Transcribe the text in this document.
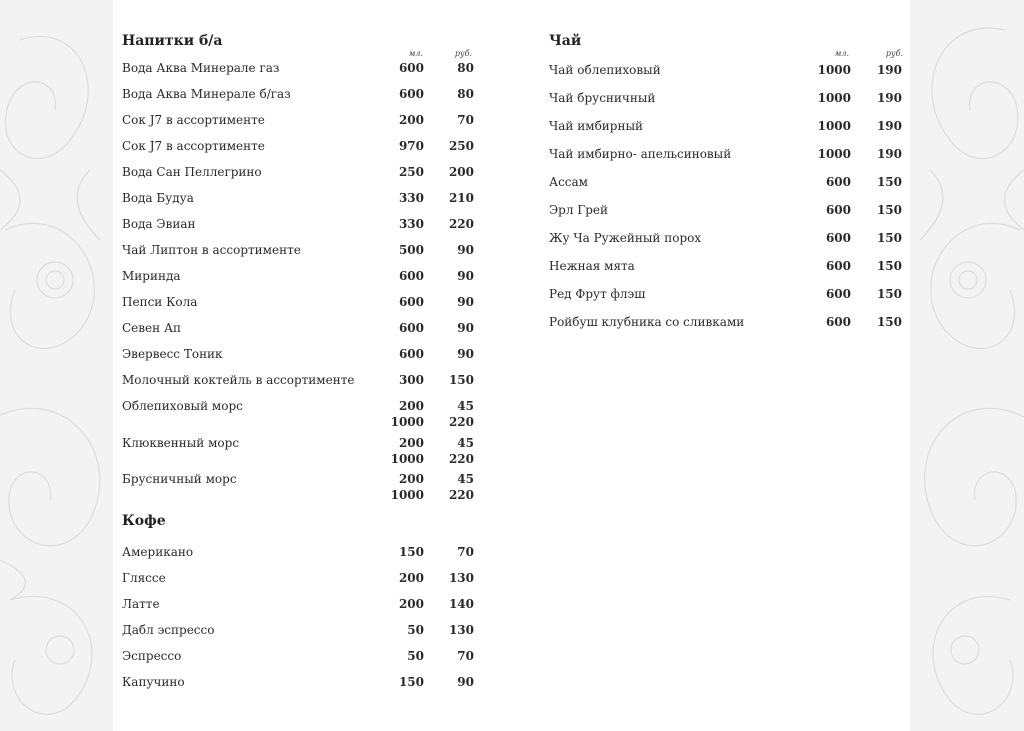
Напитки б/а
мл.	руб.
Вода Аква Минерале газ	600	80
Вода Аква Минерале б/газ	600	80
Сок J7 в ассортименте	200	70
Сок J7 в ассортименте	970 250
Вода Сан Пеллегрино	250 200
Вода Будуа	330 210
Вода Эвиан	330 220
Чай Липтон в ассортименте	500	90
Миринда	600	90
Пепси Кола	600	90
Севен Ап	600	90
Эвервесс Тоник	600	90
Молочный коктейль в ассортименте	300 150
Облепиховый морс	200	45
1000 220
Клюквенный морс	200	45
1000 220
Брусничный морс	200	45
1000 220
Кофе
Американо	150	70
Гляссе	200 130
Латте	200 140
Дабл эспрессо	50 130
Эспрессо	50	70
Капучино	150	90
Чай
мл.	руб.
Чай облепиховый	1000 190
Чай брусничный	1000 190
Чай имбирный	1000 190
Чай имбирно- апельсиновый	1000 190
Ассам	600 150
Эрл Грей	600 150
Жу Ча Ружейный порох	600 150
Нежная мята	600 150
Ред Фрут флэш	600 150
Ройбуш клубника со сливками	600 150
